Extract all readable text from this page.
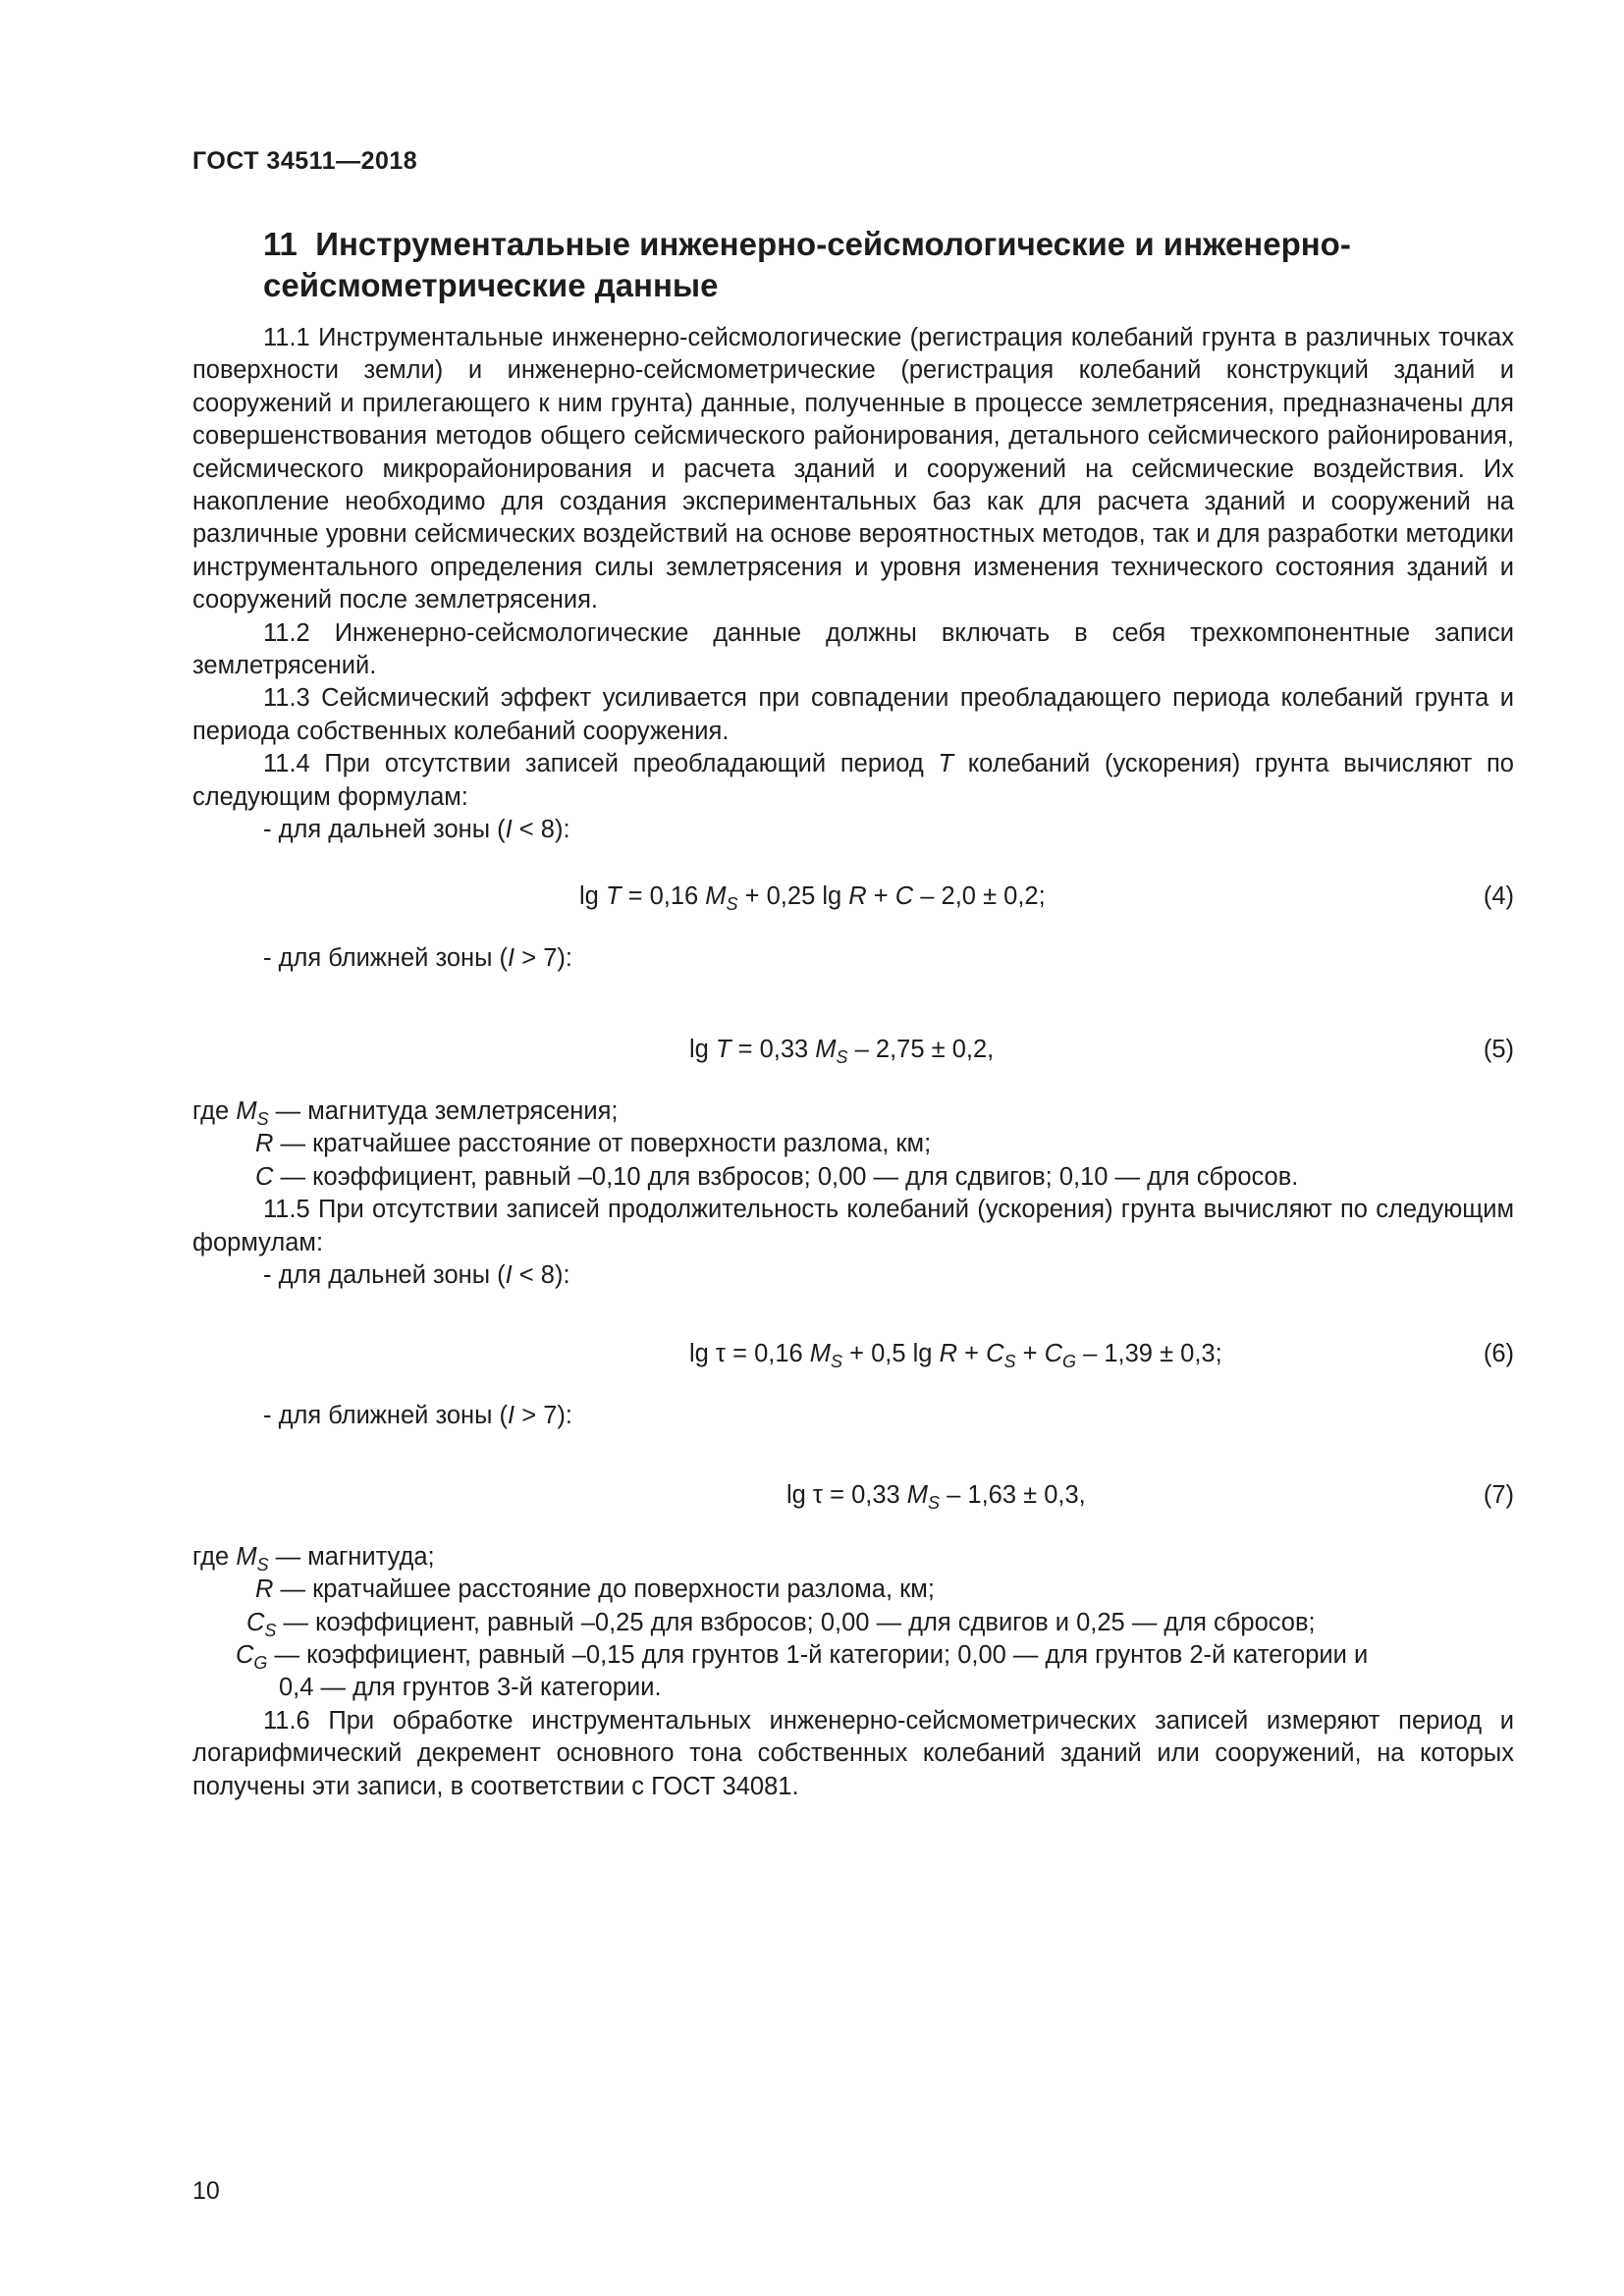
ГОСТ 34511—2018
11 Инструментальные инженерно-сейсмологические и инженерно-
сейсмометрические данные

11.1 Инструментальные инженерно-сейсмологические (регистрация колебаний грунта в различных точках поверхности земли) и инженерно-сейсмометрические (регистрация колебаний конструкций зданий и сооружений и прилегающего к ним грунта) данные, полученные в процессе землетрясения, предназначены для совершенствования методов общего сейсмического районирования, детального сейсмического районирования, сейсмического микрорайонирования и расчета зданий и сооружений на сейсмические воздействия. Их накопление необходимо для создания экспериментальных баз как для расчета зданий и сооружений на различные уровни сейсмических воздействий на основе вероятностных методов, так и для разработки методики инструментального определения силы землетрясения и уровня изменения технического состояния зданий и сооружений после землетрясения.

11.2 Инженерно-сейсмологические данные должны включать в себя трехкомпонентные записи землетрясений.

11.3 Сейсмический эффект усиливается при совпадении преобладающего периода колебаний грунта и периода собственных колебаний сооружения.

11.4 При отсутствии записей преобладающий период T колебаний (ускорения) грунта вычисляют по следующим формулам:

- для дальней зоны (I < 8):

lg T = 0,16 $M_S + 0,25$ lg R + C – 2,0 ± 0,2;	(4)

- для ближней зоны (I > 7):

lg T = 0,33 $M_S - 2,75 \pm 0,2$,	(5)

где $M_S$ — магнитуда землетрясения;

R — кратчайшее расстояние от поверхности разлома, км;

C — коэффициент, равный –0,10 для взбросов; 0,00 — для сдвигов; 0,10 — для сбросов.

11.5 При отсутствии записей продолжительность колебаний (ускорения) грунта вычисляют по следующим формулам:

- для дальней зоны (I < 8):

lg τ = 0,16 $M_S + 0,5$ $\lg R + C_S + C_G - 1,39 \pm 0,3$;	(6)

- для ближней зоны (I > 7):

lg τ = 0,33 $M_S - 1,63 \pm 0,3$,	(7)

где $M_S$ — магнитуда;

R — кратчайшее расстояние до поверхности разлома, км;

$C_S$ — коэффициент, равный –0,25 для взбросов; 0,00 — для сдвигов и 0,25 — для сбросов;

$C_G$ — коэффициент, равный –0,15 для грунтов 1-й категории; 0,00 — для грунтов 2-й категории и

0,4 — для грунтов 3-й категории.

11.6 При обработке инструментальных инженерно-сейсмометрических записей измеряют период и логарифмический декремент основного тона собственных колебаний зданий или сооружений, на которых получены эти записи, в соответствии с ГОСТ 34081.

10
